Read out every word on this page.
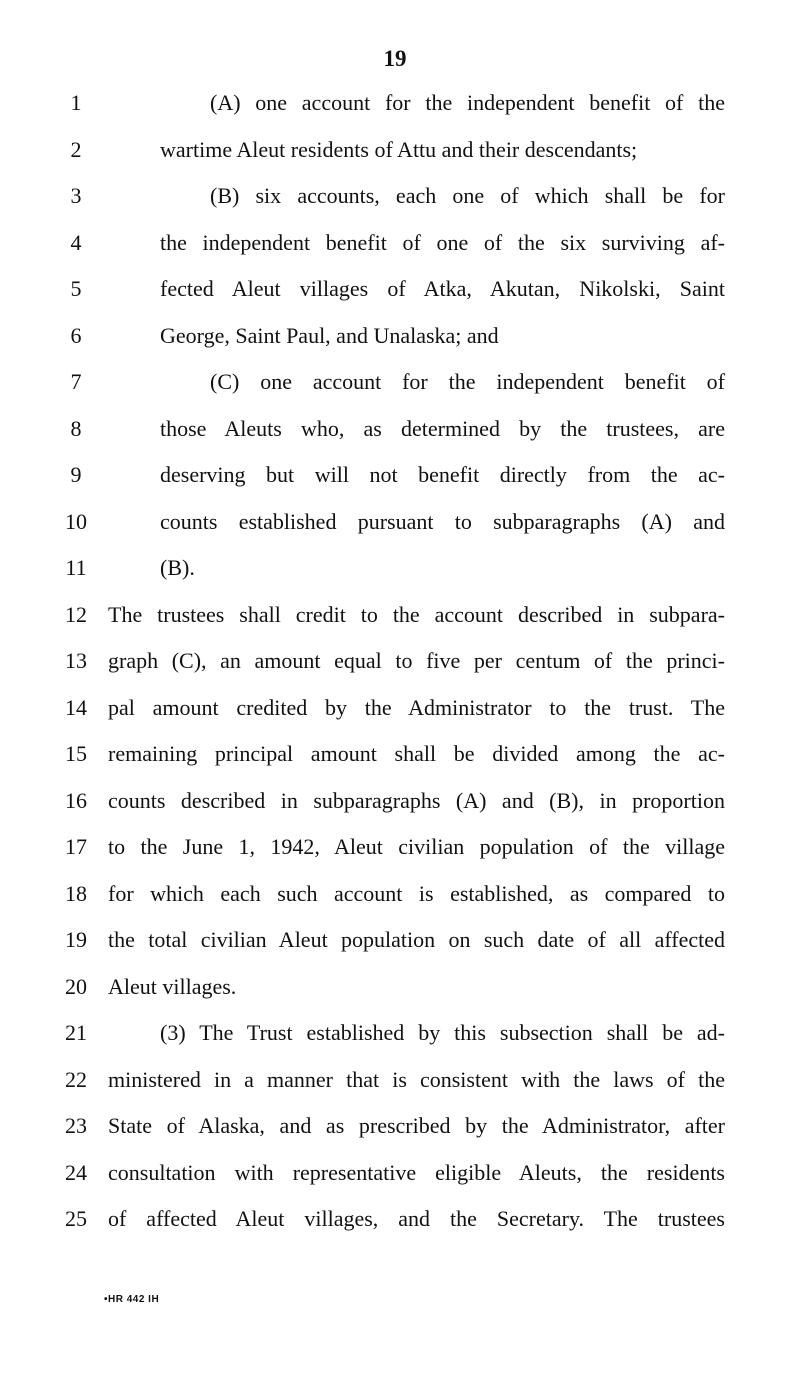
19
1	(A) one account for the independent benefit of the
2	wartime Aleut residents of Attu and their descendants;
3	(B) six accounts, each one of which shall be for
4	the independent benefit of one of the six surviving af-
5	fected Aleut villages of Atka, Akutan, Nikolski, Saint
6	George, Saint Paul, and Unalaska; and
7	(C) one account for the independent benefit of
8	those Aleuts who, as determined by the trustees, are
9	deserving but will not benefit directly from the ac-
10	counts established pursuant to subparagraphs (A) and
11	(B).
12 The trustees shall credit to the account described in subpara-
13 graph (C), an amount equal to five per centum of the princi-
14 pal amount credited by the Administrator to the trust. The
15 remaining principal amount shall be divided among the ac-
16 counts described in subparagraphs (A) and (B), in proportion
17 to the June 1, 1942, Aleut civilian population of the village
18 for which each such account is established, as compared to
19 the total civilian Aleut population on such date of all affected
20 Aleut villages.
21	(3) The Trust established by this subsection shall be ad-
22 ministered in a manner that is consistent with the laws of the
23 State of Alaska, and as prescribed by the Administrator, after
24 consultation with representative eligible Aleuts, the residents
25 of affected Aleut villages, and the Secretary. The trustees
•HR 442 IH
